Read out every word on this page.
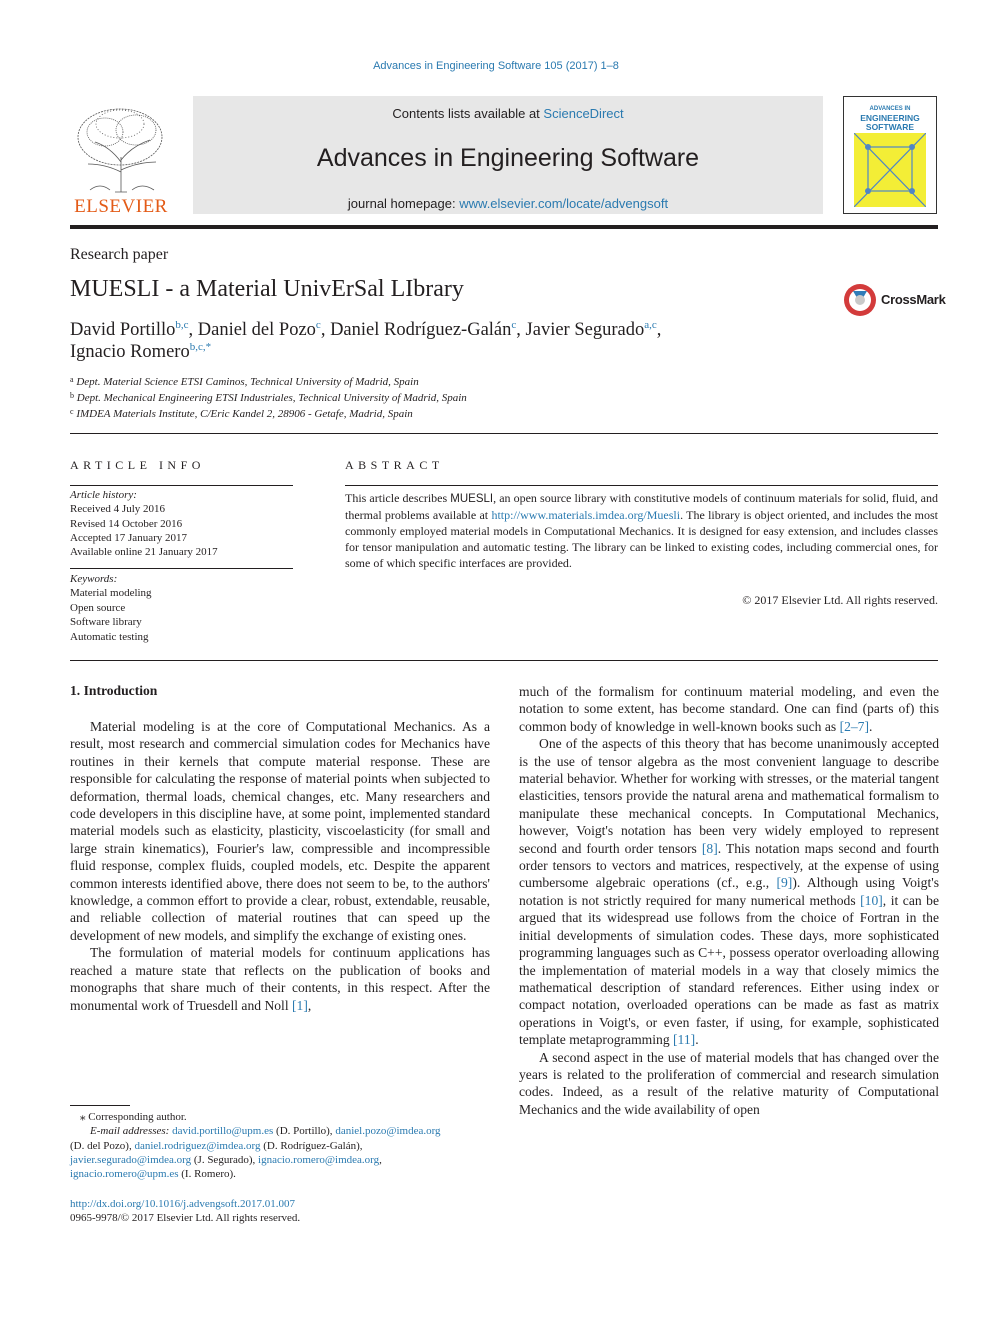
Advances in Engineering Software 105 (2017) 1–8
ELSEVIER
Contents lists available at ScienceDirect
Advances in Engineering Software
journal homepage: www.elsevier.com/locate/advengsoft
ADVANCES IN
ENGINEERING
SOFTWARE
Research paper
MUESLI - a Material UnivErSal LIbrary	CrossMark
David Portillo$^{b,c}$, Daniel del Pozo$^c$, Daniel Rodríguez-Galán$^c$, Javier Segurado$^{a,c}$,
Ignacio Romero$^{b,c,*}$
$^a$ Dept. Material Science ETSI Caminos, Technical University of Madrid, Spain
$^b$ Dept. Mechanical Engineering ETSI Industriales, Technical University of Madrid, Spain
$^c$ IMDEA Materials Institute, C/Eric Kandel 2, 28906 - Getafe, Madrid, Spain
ARTICLE INFO
Article history:
Received 4 July 2016
Revised 14 October 2016
Accepted 17 January 2017
Available online 21 January 2017
Keywords:
Material modeling
Open source
Software library
Automatic testing
ABSTRACT
This article describes MUESLI, an open source library with constitutive models of continuum materials for solid, fluid, and thermal problems available at http://www.materials.imdea.org/Muesli. The library is object oriented, and includes the most commonly employed material models in Computational Mechanics. It is designed for easy extension, and includes classes for tensor manipulation and automatic testing. The library can be linked to existing codes, including commercial ones, for some of which specific interfaces are provided.
© 2017 Elsevier Ltd. All rights reserved.
1. Introduction

Material modeling is at the core of Computational Mechanics. As a result, most research and commercial simulation codes for Mechanics have routines in their kernels that compute material response. These are responsible for calculating the response of material points when subjected to deformation, thermal loads, chemical changes, etc. Many researchers and code developers in this discipline have, at some point, implemented standard material models such as elasticity, plasticity, viscoelasticity (for small and large strain kinematics), Fourier's law, compressible and incompressible fluid response, complex fluids, coupled models, etc. Despite the apparent common interests identified above, there does not seem to be, to the authors' knowledge, a common effort to provide a clear, robust, extendable, reusable, and reliable collection of material routines that can speed up the development of new models, and simplify the exchange of existing ones.

The formulation of material models for continuum applications has reached a mature state that reflects on the publication of books and monographs that share much of their contents, in this respect. After the monumental work of Truesdell and Noll [1],

much of the formalism for continuum material modeling, and even the notation to some extent, has become standard. One can find (parts of) this common body of knowledge in well-known books such as [2–7].

One of the aspects of this theory that has become unanimously accepted is the use of tensor algebra as the most convenient language to describe material behavior. Whether for working with stresses, or the material tangent elasticities, tensors provide the natural arena and mathematical formalism to manipulate these mechanical concepts. In Computational Mechanics, however, Voigt's notation has been very widely employed to represent second and fourth order tensors [8]. This notation maps second and fourth order tensors to vectors and matrices, respectively, at the expense of using cumbersome algebraic operations (cf., e.g., [9]). Although using Voigt's notation is not strictly required for many numerical methods [10], it can be argued that its widespread use follows from the choice of Fortran in the initial developments of simulation codes. These days, more sophisticated programming languages such as C++, possess operator overloading allowing the implementation of material models in a way that closely mimics the mathematical description of standard references. Either using index or compact notation, overloaded operations can be made as fast as matrix operations in Voigt's, or even faster, if using, for example, sophisticated template metaprogramming [11].

A second aspect in the use of material models that has changed over the years is related to the proliferation of commercial and research simulation codes. Indeed, as a result of the relative maturity of Computational Mechanics and the wide availability of open

⁎ Corresponding author.
E-mail addresses: david.portillo@upm.es (D. Portillo), daniel.pozo@imdea.org
(D. del Pozo), daniel.rodriguez@imdea.org (D. Rodríguez-Galán),
javier.segurado@imdea.org (J. Segurado), ignacio.romero@imdea.org,
ignacio.romero@upm.es (I. Romero).
http://dx.doi.org/10.1016/j.advengsoft.2017.01.007
0965-9978/© 2017 Elsevier Ltd. All rights reserved.
